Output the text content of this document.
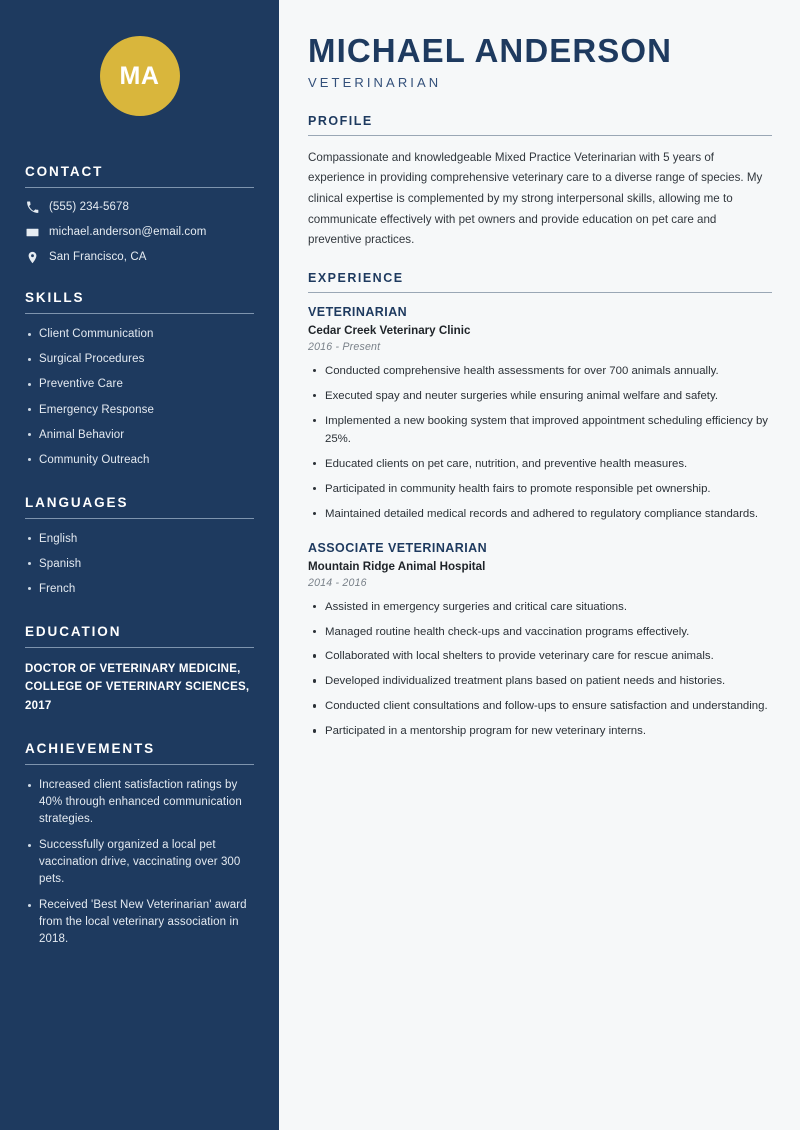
MA
CONTACT
(555) 234-5678
michael.anderson@email.com
San Francisco, CA
SKILLS
Client Communication
Surgical Procedures
Preventive Care
Emergency Response
Animal Behavior
Community Outreach
LANGUAGES
English
Spanish
French
EDUCATION
DOCTOR OF VETERINARY MEDICINE, COLLEGE OF VETERINARY SCIENCES, 2017
ACHIEVEMENTS
Increased client satisfaction ratings by 40% through enhanced communication strategies.
Successfully organized a local pet vaccination drive, vaccinating over 300 pets.
Received 'Best New Veterinarian' award from the local veterinary association in 2018.
MICHAEL ANDERSON
VETERINARIAN
PROFILE

Compassionate and knowledgeable Mixed Practice Veterinarian with 5 years of experience in providing comprehensive veterinary care to a diverse range of species. My clinical expertise is complemented by my strong interpersonal skills, allowing me to communicate effectively with pet owners and provide education on pet care and preventive practices.

EXPERIENCE
VETERINARIAN
Cedar Creek Veterinary Clinic
2016 - Present
Conducted comprehensive health assessments for over 700 animals annually.
Executed spay and neuter surgeries while ensuring animal welfare and safety.
Implemented a new booking system that improved appointment scheduling efficiency by 25%.
Educated clients on pet care, nutrition, and preventive health measures.
Participated in community health fairs to promote responsible pet ownership.
Maintained detailed medical records and adhered to regulatory compliance standards.
ASSOCIATE VETERINARIAN
Mountain Ridge Animal Hospital
2014 - 2016
Assisted in emergency surgeries and critical care situations.
Managed routine health check-ups and vaccination programs effectively.
Collaborated with local shelters to provide veterinary care for rescue animals.
Developed individualized treatment plans based on patient needs and histories.
Conducted client consultations and follow-ups to ensure satisfaction and understanding.
Participated in a mentorship program for new veterinary interns.
